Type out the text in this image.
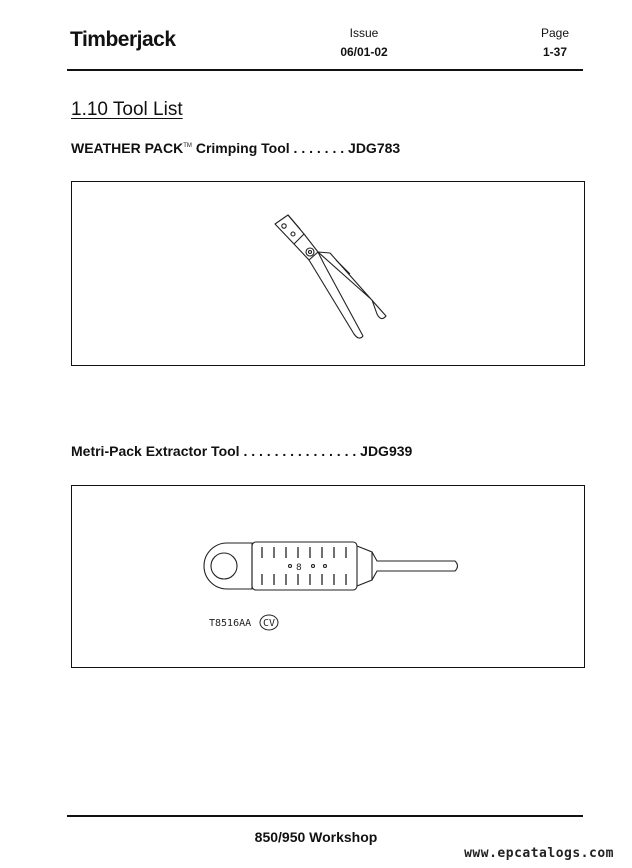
Timberjack	Issue
06/01-02
Page
1-37
1.10 Tool List
WEATHER PACK™ Crimping Tool . . . . . . . JDG783
Metri-Pack Extractor Tool . . . . . . . . . . . . . . . JDG939
8
T8516AA CV
850/950 Workshop
www.epcatalogs.com
